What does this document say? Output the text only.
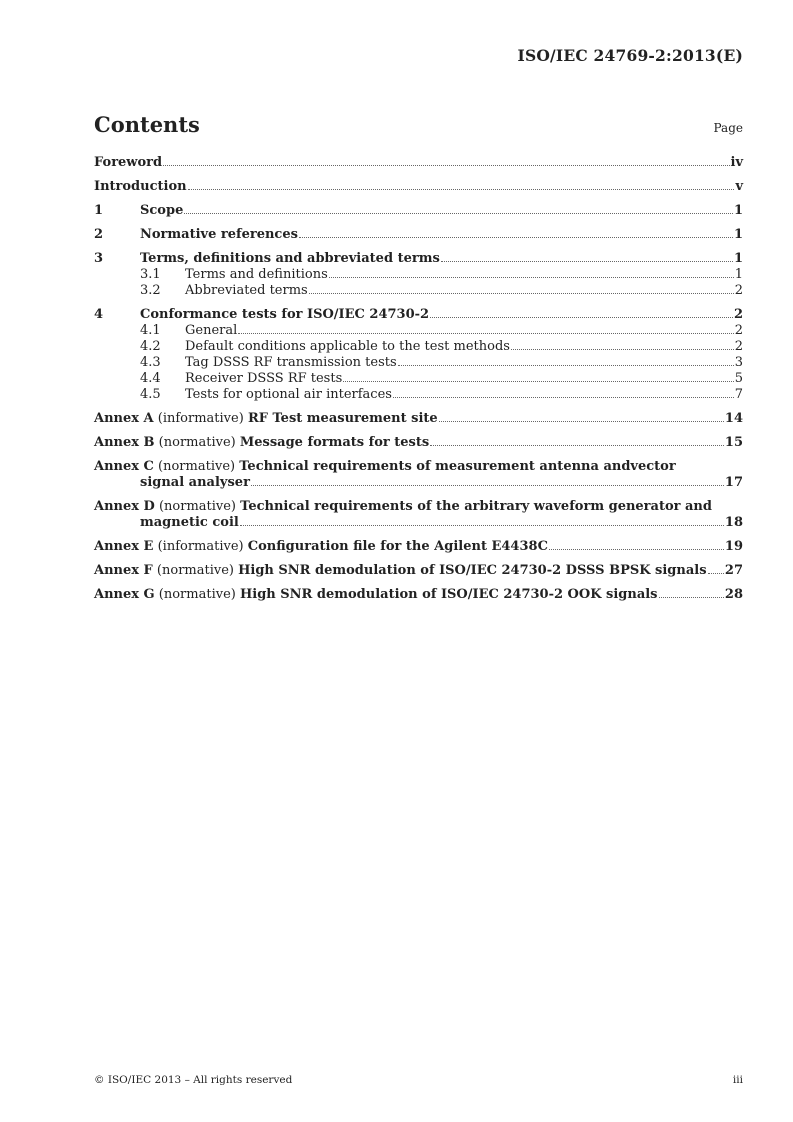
ISO/IEC 24769-2:2013(E)
Contents	Page
Foreword	iv
Introduction	v
1	Scope	1
2	Normative references	1
3	Terms, definitions and abbreviated terms	1
3.1	Terms and definitions	1
3.2	Abbreviated terms	2
4	Conformance tests for ISO/IEC 24730-2	2
4.1	General	2
4.2	Default conditions applicable to the test methods	2
4.3	Tag DSSS RF transmission tests	3
4.4	Receiver DSSS RF tests	5
4.5	Tests for optional air interfaces	7
Annex A (informative) RF Test measurement site	14
Annex B (normative) Message formats for tests	15
Annex C (normative) Technical requirements of measurement antenna andvector
signal analyser	17
Annex D (normative) Technical requirements of the arbitrary waveform generator and
magnetic coil	18
Annex E (informative) Configuration file for the Agilent E4438C	19
Annex F (normative) High SNR demodulation of ISO/IEC 24730-2 DSSS BPSK signals 27
Annex G (normative) High SNR demodulation of ISO/IEC 24730-2 OOK signals	28
© ISO/IEC 2013 – All rights reserved	iii
